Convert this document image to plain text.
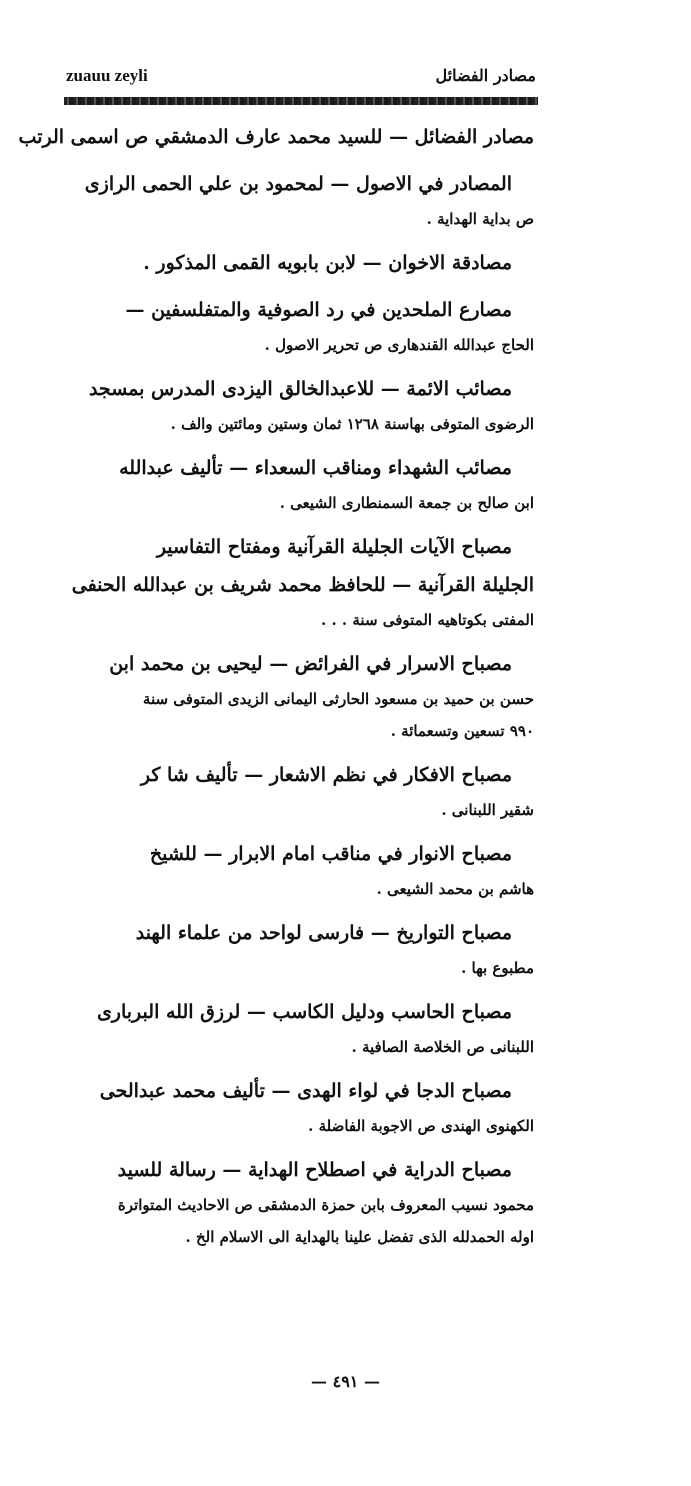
zuauu zeyli	مصادر الفضائل
مصادر الفضائل — للسيد محمد عارف الدمشقي ص اسمى الرتب
المصادر في الاصول — لمحمود بن علي الحمى الرازى
ص بداية الهداية .
مصادقة الاخوان — لابن بابويه القمى المذكور .
مصارع الملحدين في رد الصوفية والمتفلسفين —
الحاج عبدالله القندهارى ص تحرير الاصول .
مصائب الائمة — للاعبدالخالق اليزدى المدرس بمسجد
الرضوى المتوفى بهاسنة ١٢٦٨ ثمان وستين ومائتين والف .
مصائب الشهداء ومناقب السعداء — تأليف عبدالله
ابن صالح بن جمعة السمنطارى الشيعى .
مصباح الآيات الجليلة القرآنية ومفتاح التفاسير
الجليلة القرآنية — للحافظ محمد شريف بن عبدالله الحنفى
المفتى بكوتاهيه المتوفى سنة . . .
مصباح الاسرار في الفرائض — ليحيى بن محمد ابن
حسن بن حميد بن مسعود الحارثى اليمانى الزيدى المتوفى سنة
٩٩٠ تسعين وتسعمائة .
مصباح الافكار في نظم الاشعار — تأليف شا كر
شقير اللبنانى .
مصباح الانوار في مناقب امام الابرار — للشيخ
هاشم بن محمد الشيعى .
مصباح التواريخ — فارسى لواحد من علماء الهند
مطبوع بها .
مصباح الحاسب ودليل الكاسب — لرزق الله البربارى
اللبنانى ص الخلاصة الصافية .
مصباح الدجا في لواء الهدى — تأليف محمد عبدالحى
الكهنوى الهندى ص الاجوبة الفاضلة .
مصباح الدراية في اصطلاح الهداية — رسالة للسيد
محمود نسيب المعروف بابن حمزة الدمشقى ص الاحاديث المتواترة
اوله الحمدلله الذى تفضل علينا بالهداية الى الاسلام الخ .
— ٤٩١ —
